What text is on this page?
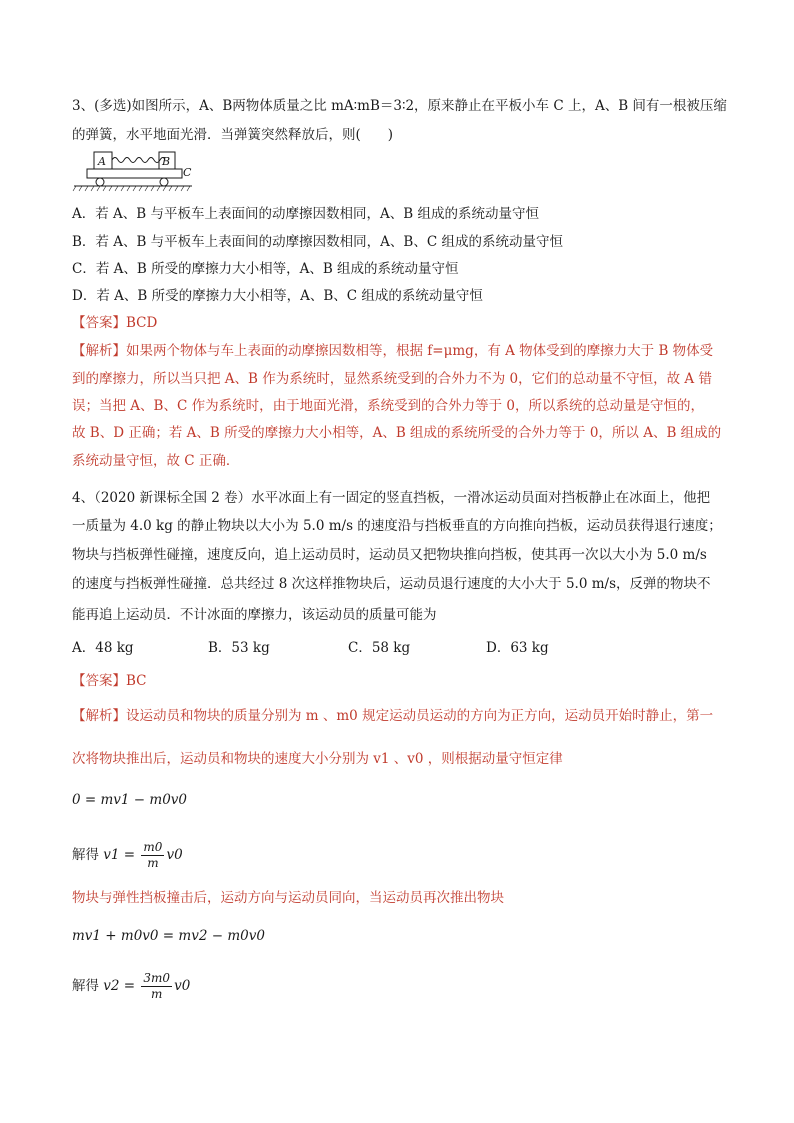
3、(多选)如图所示，A、B两物体质量之比 mA∶mB＝3∶2，原来静止在平板小车 C 上，A、B 间有一根被压缩
的弹簧，水平地面光滑．当弹簧突然释放后，则(　　)
A	B
C
A．若 A、B 与平板车上表面间的动摩擦因数相同，A、B 组成的系统动量守恒
B．若 A、B 与平板车上表面间的动摩擦因数相同，A、B、C 组成的系统动量守恒
C．若 A、B 所受的摩擦力大小相等，A、B 组成的系统动量守恒
D．若 A、B 所受的摩擦力大小相等，A、B、C 组成的系统动量守恒
【答案】BCD
【解析】如果两个物体与车上表面的动摩擦因数相等，根据 f=μmg，有 A 物体受到的摩擦力大于 B 物体受
到的摩擦力，所以当只把 A、B 作为系统时，显然系统受到的合外力不为 0，它们的总动量不守恒，故 A 错
误；当把 A、B、C 作为系统时，由于地面光滑，系统受到的合外力等于 0，所以系统的总动量是守恒的，
故 B、D 正确；若 A、B 所受的摩擦力大小相等，A、B 组成的系统所受的合外力等于 0，所以 A、B 组成的
系统动量守恒，故 C 正确．
4、（2020 新课标全国 2 卷）水平冰面上有一固定的竖直挡板，一滑冰运动员面对挡板静止在冰面上，他把
一质量为 4.0 kg 的静止物块以大小为 5.0 m/s 的速度沿与挡板垂直的方向推向挡板，运动员获得退行速度；
物块与挡板弹性碰撞，速度反向，追上运动员时，运动员又把物块推向挡板，使其再一次以大小为 5.0 m/s
的速度与挡板弹性碰撞．总共经过 8 次这样推物块后，运动员退行速度的大小大于 5.0 m/s，反弹的物块不
能再追上运动员．不计冰面的摩擦力，该运动员的质量可能为
A．48 kg	B．53 kg	C．58 kg	D．63 kg
【答案】BC
【解析】设运动员和物块的质量分别为 m 、m0 规定运动员运动的方向为正方向，运动员开始时静止，第一
次将物块推出后，运动员和物块的速度大小分别为 v1 、v0 ，则根据动量守恒定律
0 = mv1 − m0v0
解得 $v1 = \frac{m0}{m} v0$
物块与弹性挡板撞击后，运动方向与运动员同向，当运动员再次推出物块
mv1 + m0v0 = mv2 − m0v0
解得 $v2 = \frac{3m0}{m} v0$
